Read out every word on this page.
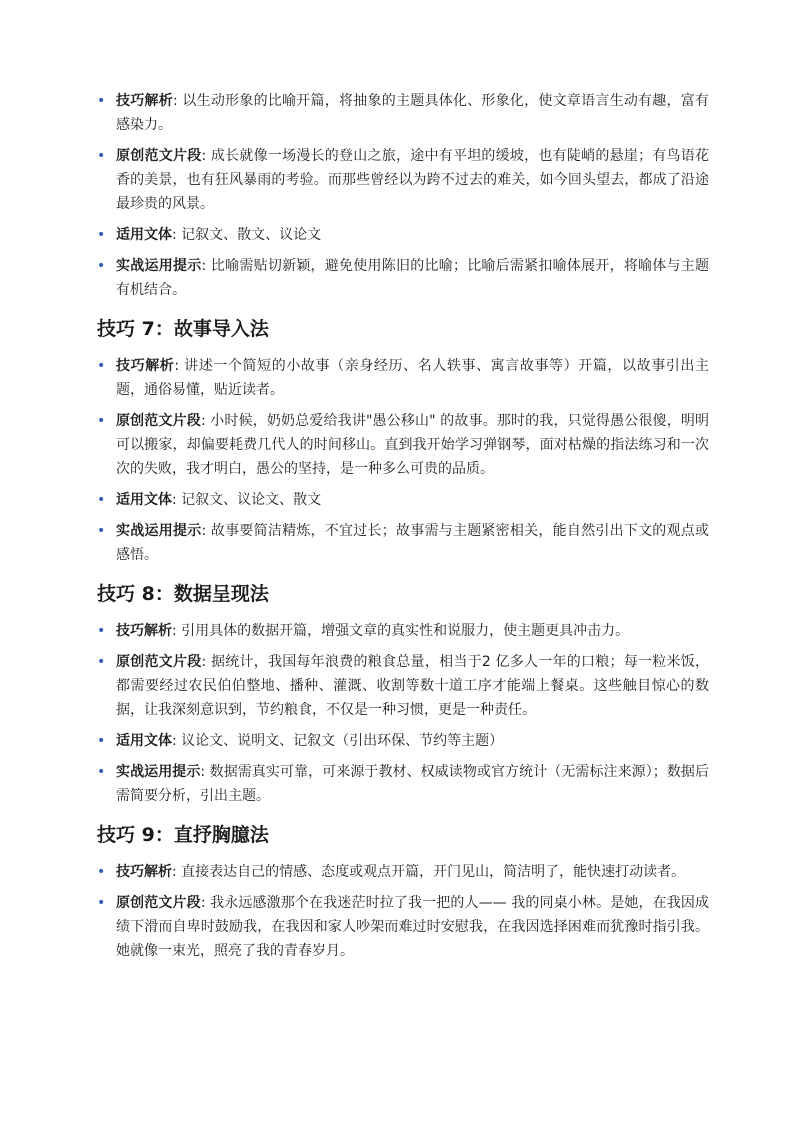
• 技巧解析: 以生动形象的比喻开篇，将抽象的主题具体化、形象化，使文章语言生动有趣，富有感染力。
• 原创范文片段: 成长就像一场漫长的登山之旅，途中有平坦的缓坡，也有陡峭的悬崖；有鸟语花香的美景，也有狂风暴雨的考验。而那些曾经以为跨不过去的难关，如今回头望去，都成了沿途最珍贵的风景。
• 适用文体: 记叙文、散文、议论文
• 实战运用提示: 比喻需贴切新颖，避免使用陈旧的比喻；比喻后需紧扣喻体展开，将喻体与主题有机结合。
技巧 7：故事导入法
• 技巧解析: 讲述一个简短的小故事（亲身经历、名人轶事、寓言故事等）开篇，以故事引出主题，通俗易懂，贴近读者。
• 原创范文片段: 小时候，奶奶总爱给我讲"愚公移山" 的故事。那时的我，只觉得愚公很傻，明明可以搬家，却偏要耗费几代人的时间移山。直到我开始学习弹钢琴，面对枯燥的指法练习和一次次的失败，我才明白，愚公的坚持，是一种多么可贵的品质。
• 适用文体: 记叙文、议论文、散文
• 实战运用提示: 故事要简洁精炼，不宜过长；故事需与主题紧密相关，能自然引出下文的观点或感悟。
技巧 8：数据呈现法
• 技巧解析: 引用具体的数据开篇，增强文章的真实性和说服力，使主题更具冲击力。
• 原创范文片段: 据统计，我国每年浪费的粮食总量，相当于2 亿多人一年的口粮；每一粒米饭，都需要经过农民伯伯整地、播种、灌溉、收割等数十道工序才能端上餐桌。这些触目惊心的数据，让我深刻意识到，节约粮食，不仅是一种习惯，更是一种责任。
• 适用文体: 议论文、说明文、记叙文（引出环保、节约等主题）
• 实战运用提示: 数据需真实可靠，可来源于教材、权威读物或官方统计（无需标注来源）；数据后需简要分析，引出主题。
技巧 9：直抒胸臆法
• 技巧解析: 直接表达自己的情感、态度或观点开篇，开门见山，简洁明了，能快速打动读者。
• 原创范文片段: 我永远感激那个在我迷茫时拉了我一把的人—— 我的同桌小林。是她，在我因成绩下滑而自卑时鼓励我，在我因和家人吵架而难过时安慰我，在我因选择困难而犹豫时指引我。她就像一束光，照亮了我的青春岁月。
